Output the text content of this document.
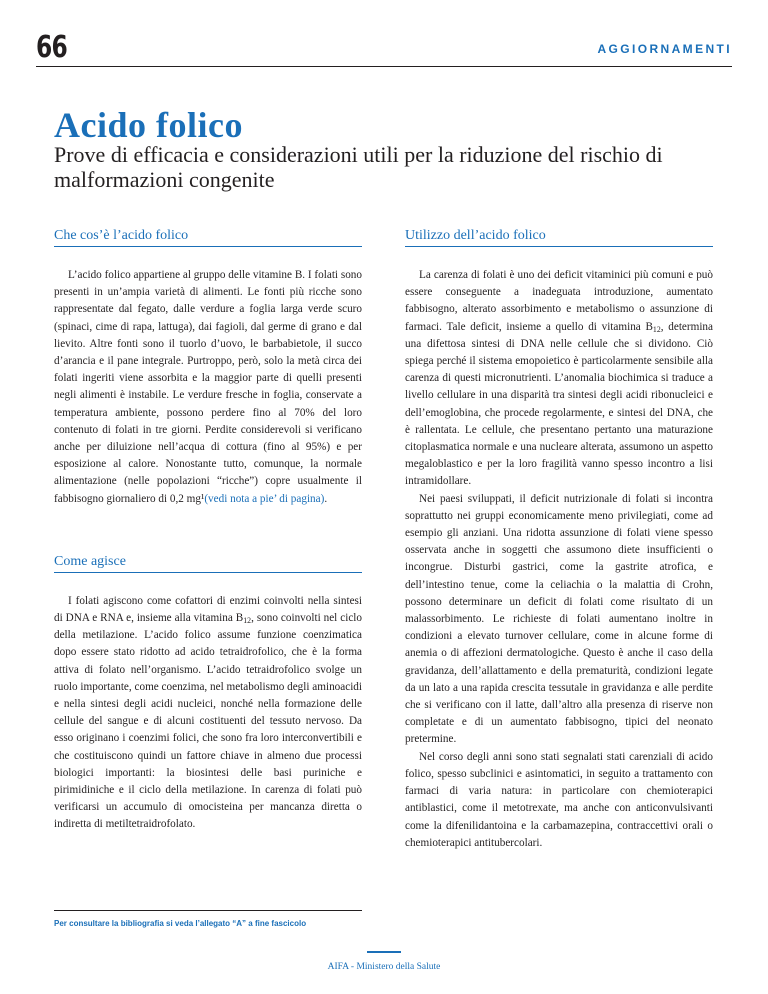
66	AGGIORNAMENTI
Acido folico
Prove di efficacia e considerazioni utili per la riduzione del rischio di malformazioni congenite
Che cos’è l’acido folico

L’acido folico appartiene al gruppo delle vitamine B. I folati sono presenti in un’ampia varietà di alimenti. Le fonti più ricche sono rappresentate dal fegato, dalle verdure a foglia larga verde scuro (spinaci, cime di rapa, lattuga), dai fagioli, dal germe di grano e dal lievito. Altre fonti sono il tuorlo d’uovo, le barbabietole, il succo d’arancia e il pane integrale. Purtroppo, però, solo la metà circa dei folati ingeriti viene assorbita e la maggior parte di quelli presenti negli alimenti è instabile. Le verdure fresche in foglia, conservate a temperatura ambiente, possono perdere fino al 70% del loro contenuto di folati in tre giorni. Perdite considerevoli si verificano anche per diluizione nell’acqua di cottura (fino al 95%) e per esposizione al calore. Nonostante tutto, comunque, la normale alimentazione (nelle popolazioni “ricche”) copre usualmente il fabbisogno giornaliero di 0,2 mg¹(vedi nota a pie’ di pagina).

Come agisce

I folati agiscono come cofattori di enzimi coinvolti nella sintesi di DNA e RNA e, insieme alla vitamina $B_{12}$, sono coinvolti nel ciclo della metilazione. L’acido folico assume funzione coenzimatica dopo essere stato ridotto ad acido tetraidrofolico, che è la forma attiva di folato nell’organismo. L’acido tetraidrofolico svolge un ruolo importante, come coenzima, nel metabolismo degli aminoacidi e nella sintesi degli acidi nucleici, nonché nella formazione delle cellule del sangue e di alcuni costituenti del tessuto nervoso. Da esso originano i coenzimi folici, che sono fra loro interconvertibili e che costituiscono quindi un fattore chiave in almeno due processi biologici importanti: la biosintesi delle basi puriniche e pirimidiniche e il ciclo della metilazione. In carenza di folati può verificarsi un accumulo di omocisteina per mancanza diretta o indiretta di metiltetraidrofolato.

Utilizzo dell’acido folico

La carenza di folati è uno dei deficit vitaminici più comuni e può essere conseguente a inadeguata introduzione, aumentato fabbisogno, alterato assorbimento e metabolismo o assunzione di farmaci. Tale deficit, insieme a quello di vitamina $B_{12}$, determina una difettosa sintesi di DNA nelle cellule che si dividono. Ciò spiega perché il sistema emopoietico è particolarmente sensibile alla carenza di questi micronutrienti. L’anomalia biochimica si traduce a livello cellulare in una disparità tra sintesi degli acidi ribonucleici e dell’emoglobina, che procede regolarmente, e sintesi del DNA, che è rallentata. Le cellule, che presentano pertanto una maturazione citoplasmatica normale e una nucleare alterata, assumono un aspetto megaloblastico e per la loro fragilità vanno spesso incontro a lisi intramidollare.

Nei paesi sviluppati, il deficit nutrizionale di folati si incontra soprattutto nei gruppi economicamente meno privilegiati, come ad esempio gli anziani. Una ridotta assunzione di folati viene spesso osservata anche in soggetti che assumono diete insufficienti o incongrue. Disturbi gastrici, come la gastrite atrofica, e dell’intestino tenue, come la celiachia o la malattia di Crohn, possono determinare un deficit di folati come risultato di un malassorbimento. Le richieste di folati aumentano inoltre in condizioni a elevato turnover cellulare, come in alcune forme di anemia o di affezioni dermatologiche. Questo è anche il caso della gravidanza, dell’allattamento e della prematurità, condizioni legate da un lato a una rapida crescita tessutale in gravidanza e alle perdite che si verificano con il latte, dall’altro alla presenza di riserve non completate e di un aumentato fabbisogno, tipici del neonato pretermine.

Nel corso degli anni sono stati segnalati stati carenziali di acido folico, spesso subclinici e asintomatici, in seguito a trattamento con farmaci di varia natura: in particolare con chemioterapici antiblastici, come il metotrexate, ma anche con anticonvulsivanti come la difenilidantoina e la carbamazepina, contraccettivi orali o chemioterapici antitubercolari.

Per consultare la bibliografia si veda l’allegato “A” a fine fascicolo
AIFA - Ministero della Salute
